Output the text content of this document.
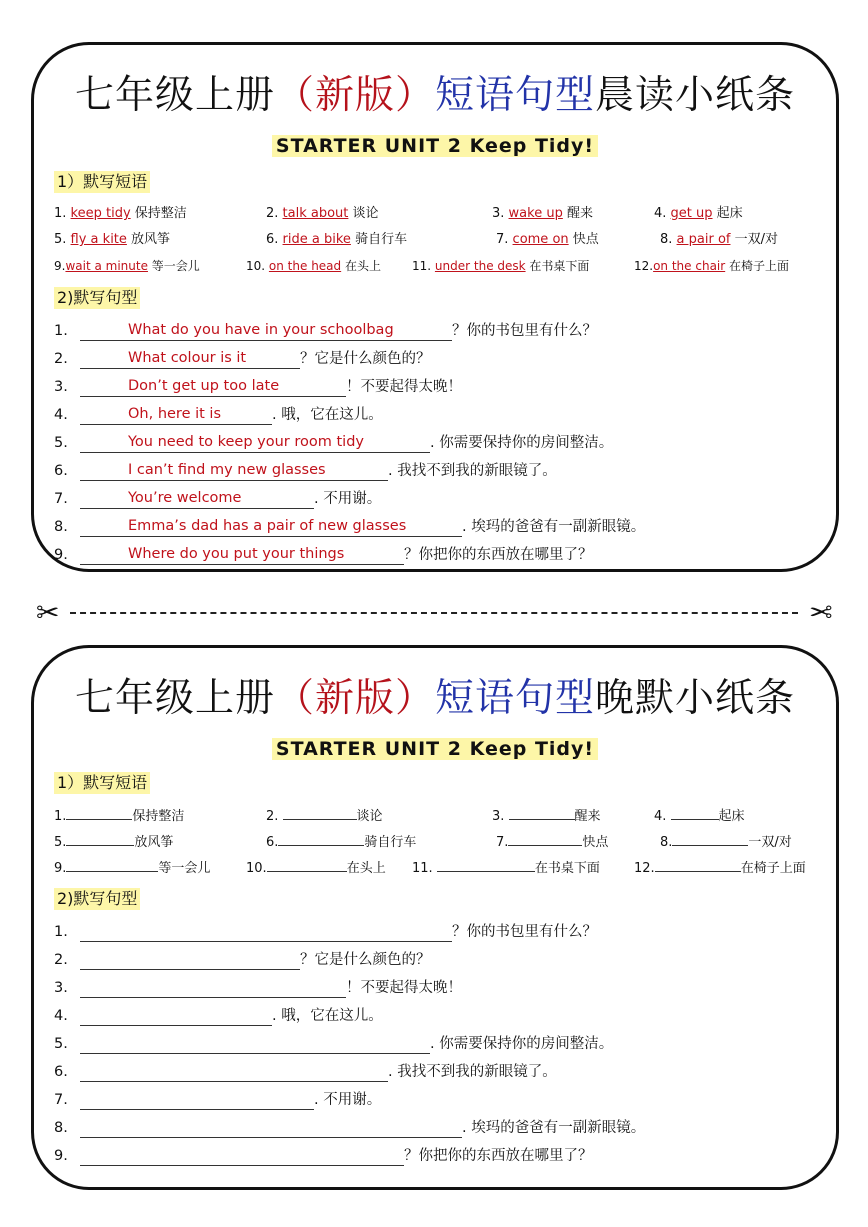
七年级上册（新版）短语句型晨读小纸条
STARTER UNIT 2 Keep Tidy!
1）默写短语
1. keep tidy 保持整洁	2. talk about 谈论	3. wake up 醒来	4. get up 起床
5. fly a kite 放风筝	6. ride a bike 骑自行车	7. come on 快点	8. a pair of 一双/对
9.wait a minute 等一会儿	10. on the head 在头上	11. under the desk 在书桌下面	12.on the chair 在椅子上面
2)默写句型
1.	What do you have in your schoolbag	？你的书包里有什么？
2.	What colour is it	？它是什么颜色的？
3.	Don’t get up too late	！不要起得太晚！
4.	Oh, here it is	. 哦，它在这儿。
5.	You need to keep your room tidy	. 你需要保持你的房间整洁。
6.	I can’t find my new glasses	. 我找不到我的新眼镜了。
7.	You’re welcome	. 不用谢。
8.	Emma’s dad has a pair of new glasses	. 埃玛的爸爸有一副新眼镜。
9.	Where do you put your things	？你把你的东西放在哪里了？
✂	✂
七年级上册（新版）短语句型晚默小纸条
STARTER UNIT 2 Keep Tidy!
1）默写短语
1.	保持整洁	2.	谈论	3.	醒来	4.	起床
5.	放风筝	6.	骑自行车	7.	快点	8.	一双/对
9.	等一会儿	10.	在头上 11.	在书桌下面	12.	在椅子上面
2)默写句型
1.	？你的书包里有什么？
2.	？它是什么颜色的？
3.	！不要起得太晚！
4.	. 哦，它在这儿。
5.	. 你需要保持你的房间整洁。
6.	. 我找不到我的新眼镜了。
7.	. 不用谢。
8.	. 埃玛的爸爸有一副新眼镜。
9.	？你把你的东西放在哪里了？
